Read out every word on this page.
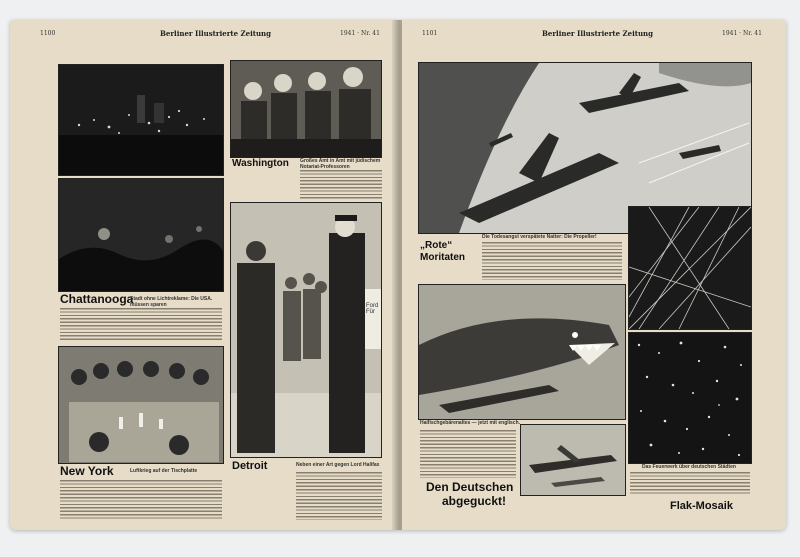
1100	Berliner Illustrierte Zeitung	1941 · Nr. 41
Chattanooga
Stadt ohne Lichtreklame: Die USA. müssen sparen
New York	Luftkrieg auf der Tischplatte
Washington Großes Amt in Amt mit jüdischem Notariat-Professoren
Ford Für
Detroit	Neben einer Art gegen Lord Halifax
1101	Berliner Illustrierte Zeitung	1941 · Nr. 41
Die Todesangst verspätete Natter: Die Propeller!
„Rote“
Moritaten
Haifischgebärenaltes — jetzt mit englisch.
Den Deutschen
abgeguckt!
Das Feuerwerk über deutschen Städten
Flak-Mosaik
